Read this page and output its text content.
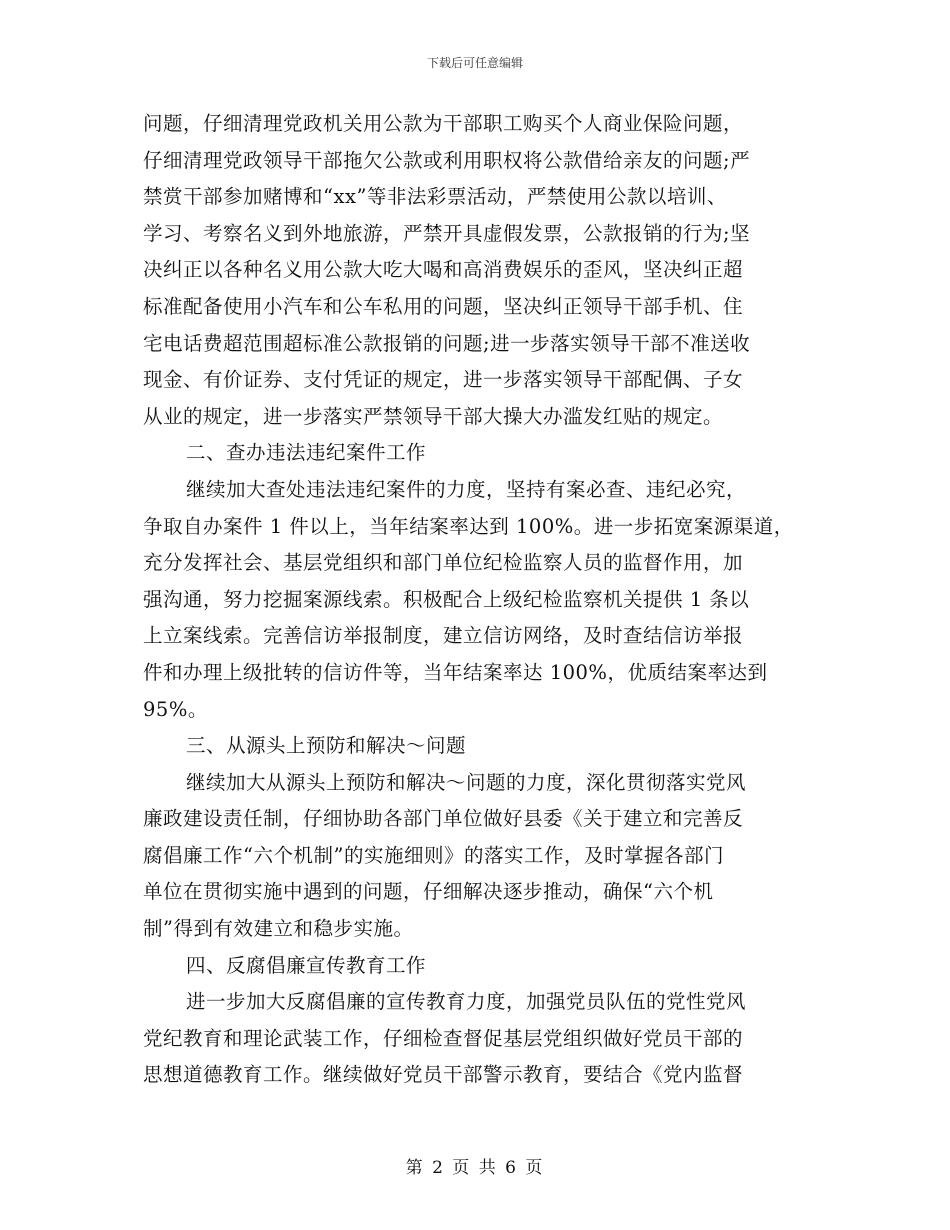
下载后可任意编辑
问题，仔细清理党政机关用公款为干部职工购买个人商业保险问题，
仔细清理党政领导干部拖欠公款或利用职权将公款借给亲友的问题;严
禁赏干部参加赌博和“xx”等非法彩票活动，严禁使用公款以培训、
学习、考察名义到外地旅游，严禁开具虚假发票，公款报销的行为;坚
决纠正以各种名义用公款大吃大喝和高消费娱乐的歪风，坚决纠正超
标准配备使用小汽车和公车私用的问题，坚决纠正领导干部手机、住
宅电话费超范围超标准公款报销的问题;进一步落实领导干部不准送收
现金、有价证券、支付凭证的规定，进一步落实领导干部配偶、子女
从业的规定，进一步落实严禁领导干部大操大办滥发红贴的规定。
二、查办违法违纪案件工作
继续加大查处违法违纪案件的力度，坚持有案必查、违纪必究，
争取自办案件 1 件以上，当年结案率达到 100%。进一步拓宽案源渠道，
充分发挥社会、基层党组织和部门单位纪检监察人员的监督作用，加
强沟通，努力挖掘案源线索。积极配合上级纪检监察机关提供 1 条以
上立案线索。完善信访举报制度，建立信访网络，及时查结信访举报
件和办理上级批转的信访件等，当年结案率达 100%，优质结案率达到
95%。
三、从源头上预防和解决～问题
继续加大从源头上预防和解决～问题的力度，深化贯彻落实党风
廉政建设责任制，仔细协助各部门单位做好县委《关于建立和完善反
腐倡廉工作“六个机制”的实施细则》的落实工作，及时掌握各部门
单位在贯彻实施中遇到的问题，仔细解决逐步推动，确保“六个机
制”得到有效建立和稳步实施。
四、反腐倡廉宣传教育工作
进一步加大反腐倡廉的宣传教育力度，加强党员队伍的党性党风
党纪教育和理论武装工作，仔细检查督促基层党组织做好党员干部的
思想道德教育工作。继续做好党员干部警示教育，要结合《党内监督
第 2 页 共 6 页
